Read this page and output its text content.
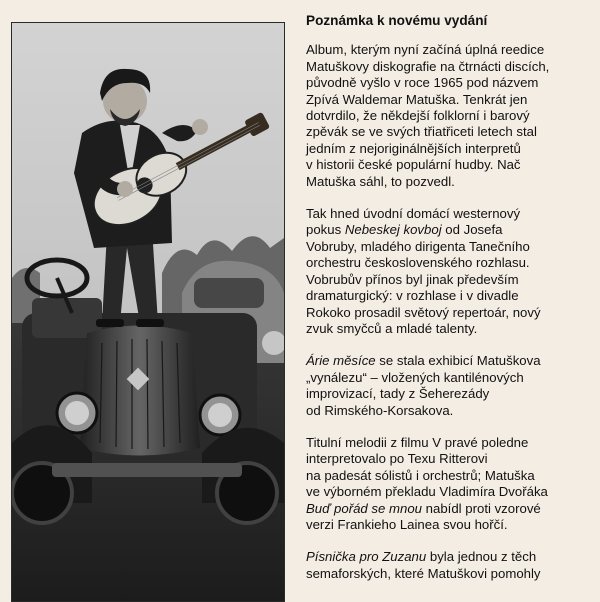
Poznámka k novému vydání
Album, kterým nyní začíná úplná reedice
Matuškovy diskografie na čtrnácti discích,
původně vyšlo v roce 1965 pod názvem
Zpívá Waldemar Matuška. Tenkrát jen
dotvrdilo, že někdejší folklorní i barový
zpěvák se ve svých třiatřiceti letech stal
jedním z nejoriginálnějších interpretů
v historii české populární hudby. Nač
Matuška sáhl, to pozvedl.
Tak hned úvodní domácí westernový
pokus Nebeskej kovboj od Josefa
Vobruby, mladého dirigenta Tanečního
orchestru československého rozhlasu.
Vobrubův přínos byl jinak především
dramaturgický: v rozhlase i v divadle
Rokoko prosadil světový repertoár, nový
zvuk smyčců a mladé talenty.
Árie měsíce se stala exhibicí Matuškova
„vynálezu“ – vložených kantilénových
improvizací, tady z Šeherezády
od Rimského-Korsakova.
Titulní melodii z filmu V pravé poledne
interpretovalo po Texu Ritterovi
na padesát sólistů i orchestrů; Matuška
ve výborném překladu Vladimíra Dvořáka
Buď pořád se mnou nabídl proti vzorové
verzi Frankieho Lainea svou hořčí.
Písnička pro Zuzanu byla jednou z těch
semaforských, které Matuškovi pomohly
